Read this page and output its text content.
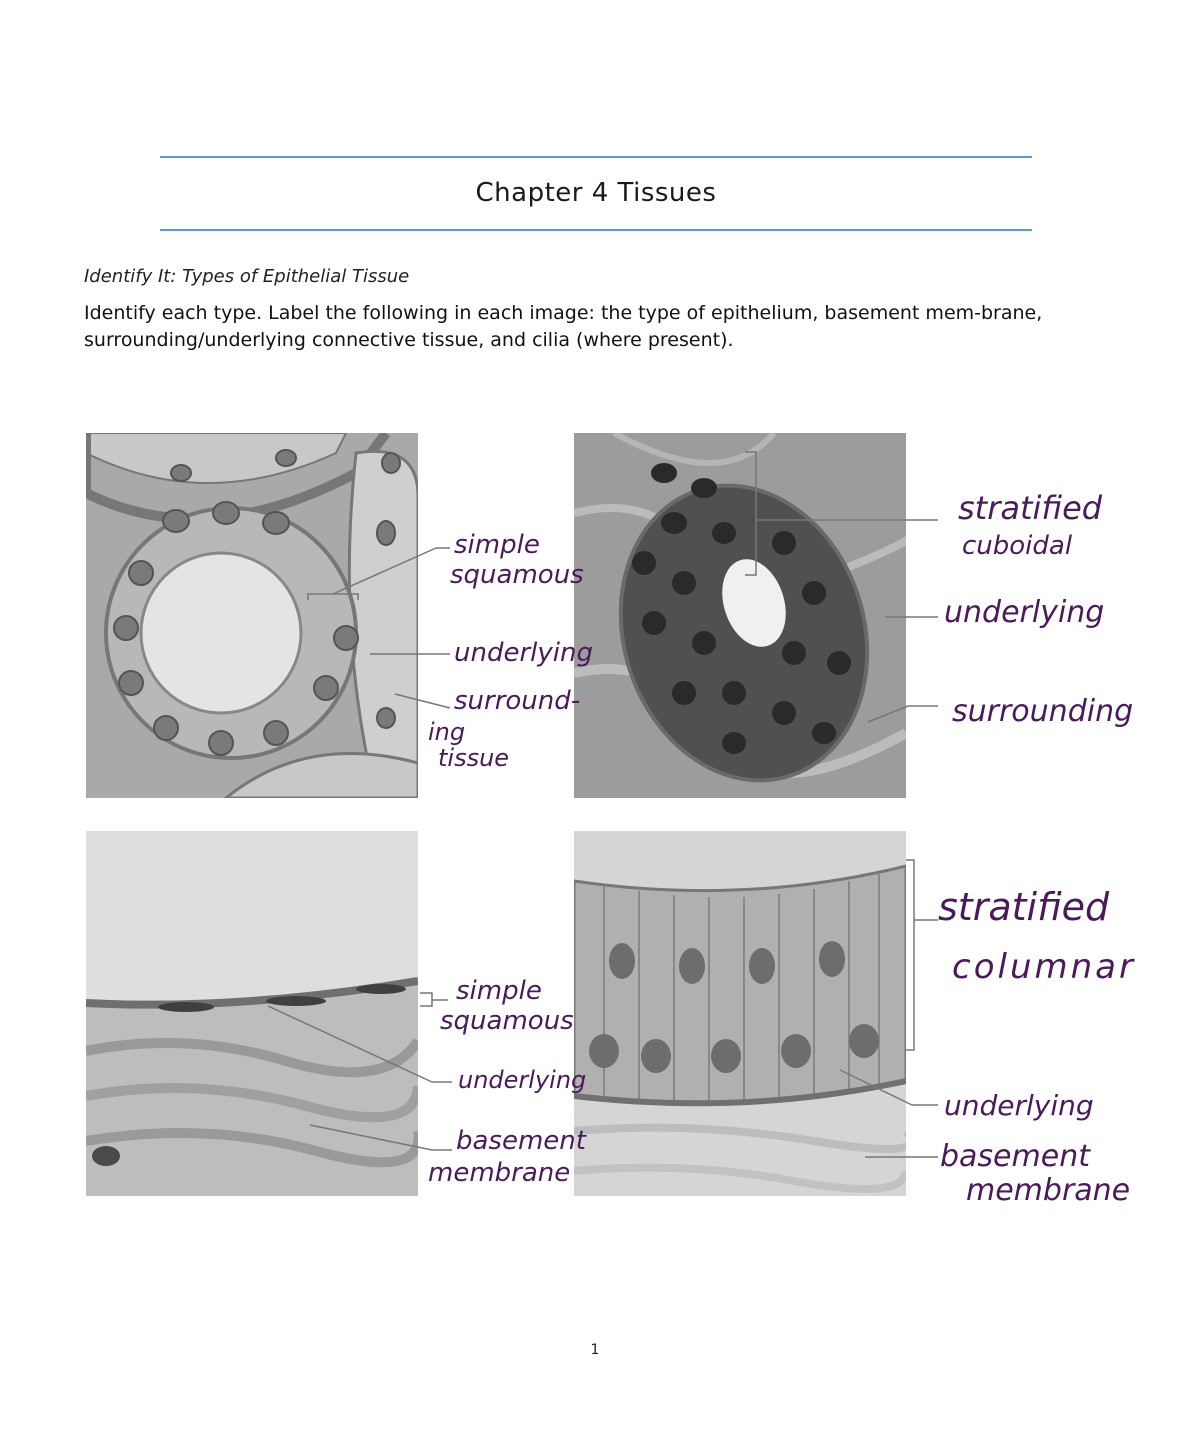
Chapter 4 Tissues
Identify It: Types of Epithelial Tissue
Identify each type. Label the following in each image: the type of epithelium, basement mem-brane, surrounding/underlying connective tissue, and cilia (where present).
simple
squamous
underlying
surround-
ing
tissue
stratified
cuboidal
underlying
surrounding
simple
squamous
underlying
basement
membrane
stratified
columnar
underlying
basement
membrane
1
